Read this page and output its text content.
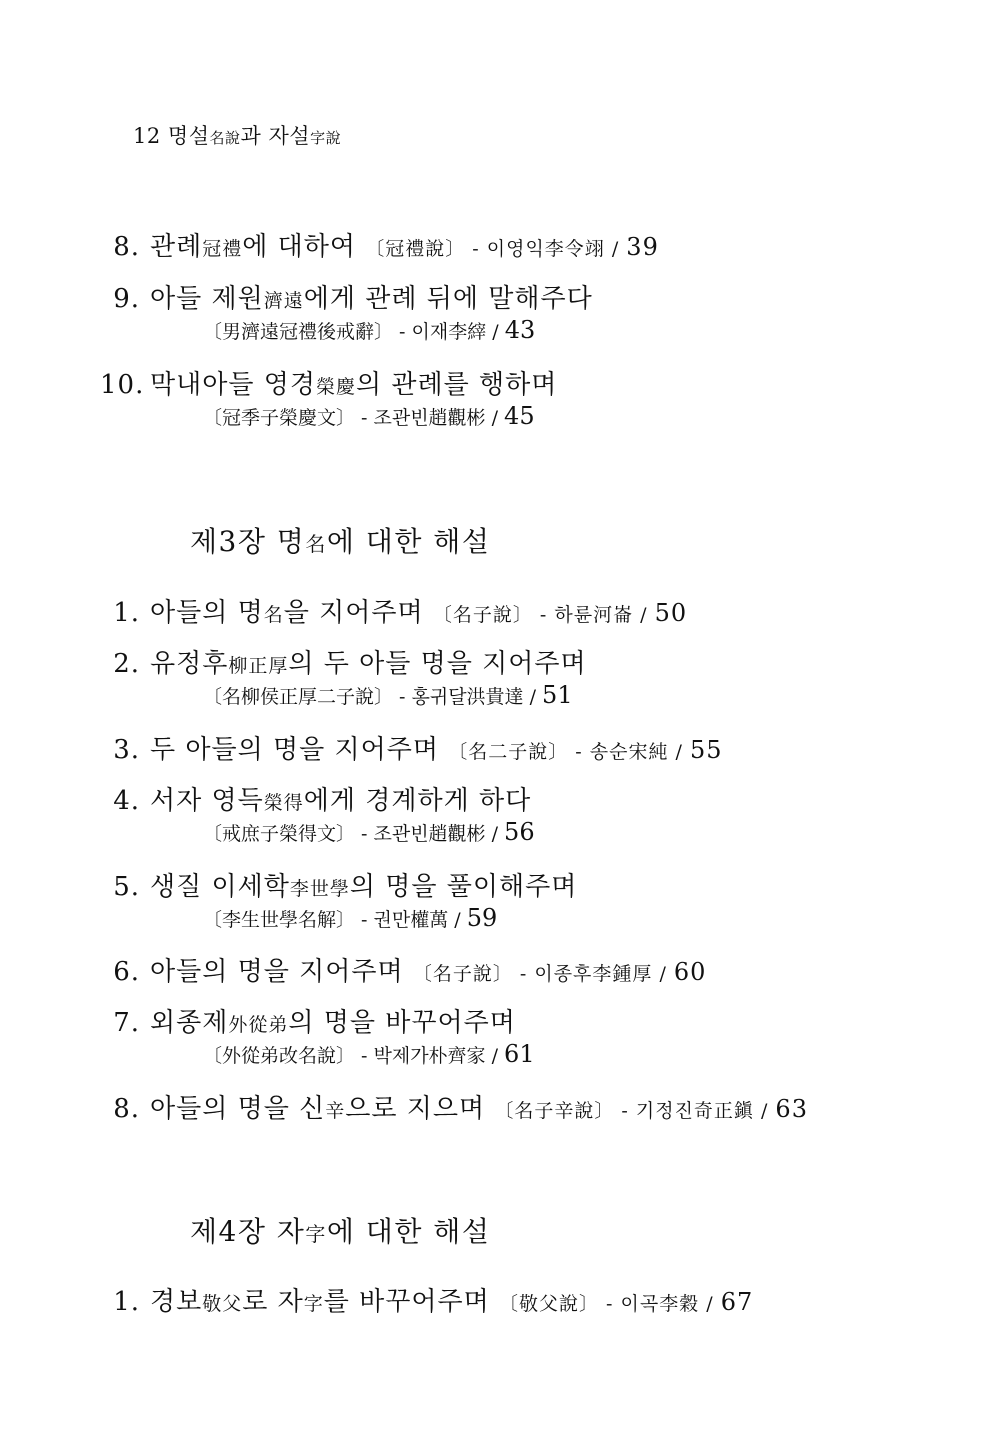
12 명설名說과 자설字說
8. 관례冠禮에 대하여 〔冠禮說〕 - 이영익李令翊 / 39
9. 아들 제원濟遠에게 관례 뒤에 말해주다
〔男濟遠冠禮後戒辭〕 - 이재李縡 / 43
10. 막내아들 영경榮慶의 관례를 행하며
〔冠季子榮慶文〕 - 조관빈趙觀彬 / 45
제3장 명名에 대한 해설
1. 아들의 명名을 지어주며 〔名子說〕 - 하륜河崙 / 50
2. 유정후柳正厚의 두 아들 명을 지어주며
〔名柳侯正厚二子說〕 - 홍귀달洪貴達 / 51
3. 두 아들의 명을 지어주며 〔名二子說〕 - 송순宋純 / 55
4. 서자 영득榮得에게 경계하게 하다
〔戒庶子榮得文〕 - 조관빈趙觀彬 / 56
5. 생질 이세학李世學의 명을 풀이해주며
〔李生世學名解〕 - 권만權萬 / 59
6. 아들의 명을 지어주며 〔名子說〕 - 이종후李鍾厚 / 60
7. 외종제外從弟의 명을 바꾸어주며
〔外從弟改名說〕 - 박제가朴齊家 / 61
8. 아들의 명을 신辛으로 지으며 〔名子辛說〕 - 기정진奇正鎭 / 63
제4장 자字에 대한 해설
1. 경보敬父로 자字를 바꾸어주며 〔敬父說〕 - 이곡李穀 / 67
